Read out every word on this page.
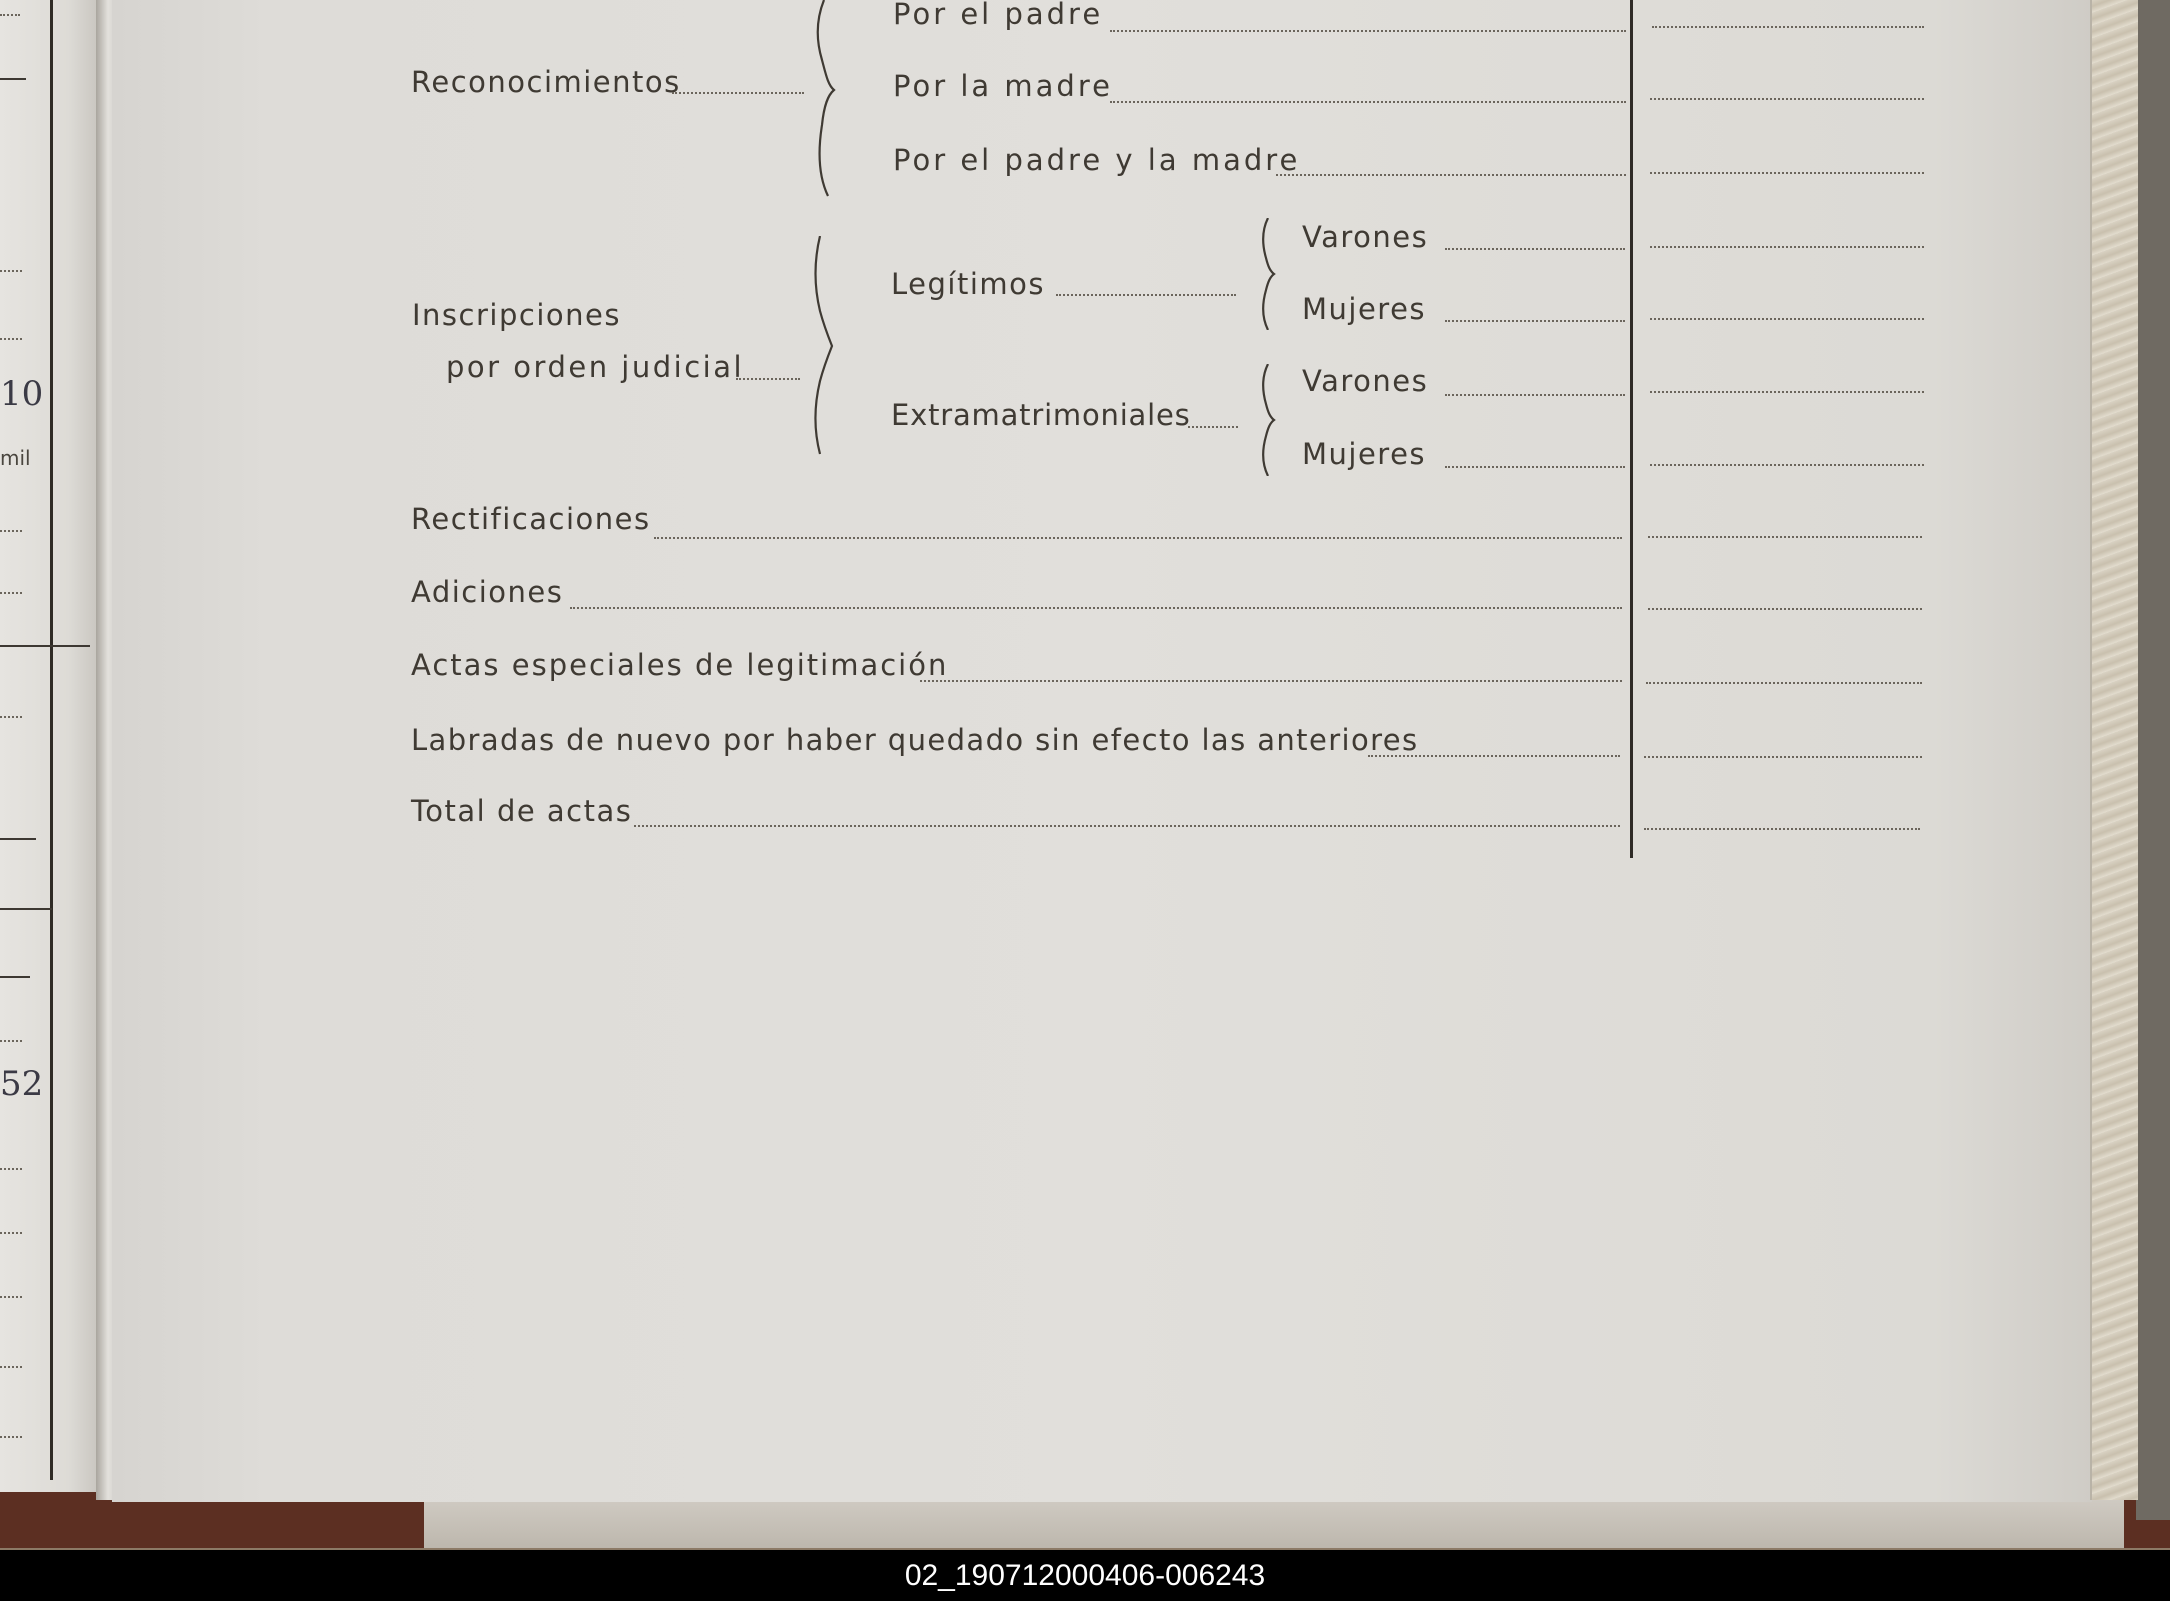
10
mil
52
Reconocimientos
Por el padre
Por la madre
Por el padre y la madre
Inscripciones
por orden judicial
Legítimos
Varones
Mujeres
Extramatrimoniales
Varones
Mujeres
Rectificaciones
Adiciones
Actas especiales de legitimación
Labradas de nuevo por haber quedado sin efecto las anteriores
Total de actas
02_190712000406-006243
